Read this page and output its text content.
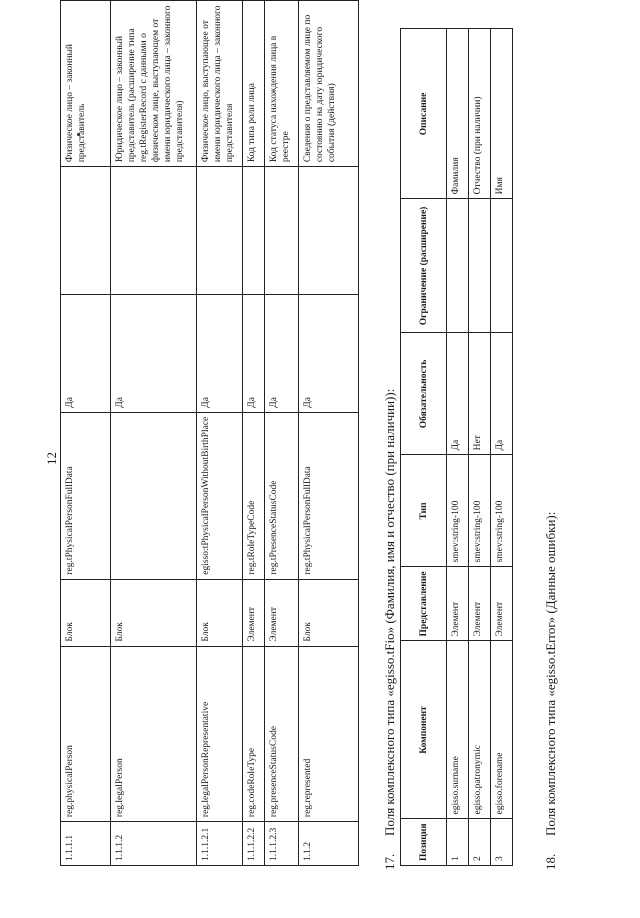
12
1.1.1.1	reg.physicalPerson	Блок	reg.tPhysicalPersonFullData	Да		Физическое лицо – законный представитель
1.1.1.2	reg.legalPerson	Блок		Да		Юридическое лицо – законный представитель (расширение типа reg.tRegisterRecord с данными о физическом лице, выступающем от имени юридического лица – законного представителя)
1.1.1.2.1	reg.legalPersonRepresentative	Блок	egisso:tPhysicalPersonWithoutBirthPlace	Да		Физическое лицо, выступающее от имени юридического лица – законного представителя
1.1.1.2.2	reg.codeRoleType	Элемент	reg.tRoleTypeCode	Да		Код типа роли лица
1.1.1.2.3	reg.presenceStatusCode	Элемент	reg.tPresenceStatusCode	Да		Код статуса нахождения лица в реестре
1.1.2	reg.represented	Блок	reg.tPhysicalPersonFullData	Да		Сведения о представляемом лице по состоянию на дату юридического события (действия)
17.Поля комплексного типа «egisso.tFio» (Фамилия, имя и отчество (при наличии)):
Позиция	Компонент	Представление	Тип	Обязательность	Ограничение (расширение)	Описание
1	egisso.surname	Элемент	smev:string-100	Да		Фамилия
2	egisso.patronymic	Элемент	smev:string-100	Нет		Отчество (при наличии)
3	egisso.forename	Элемент	smev:string-100	Да		Имя
18.Поля комплексного типа «egisso.tError» (Данные ошибки):
